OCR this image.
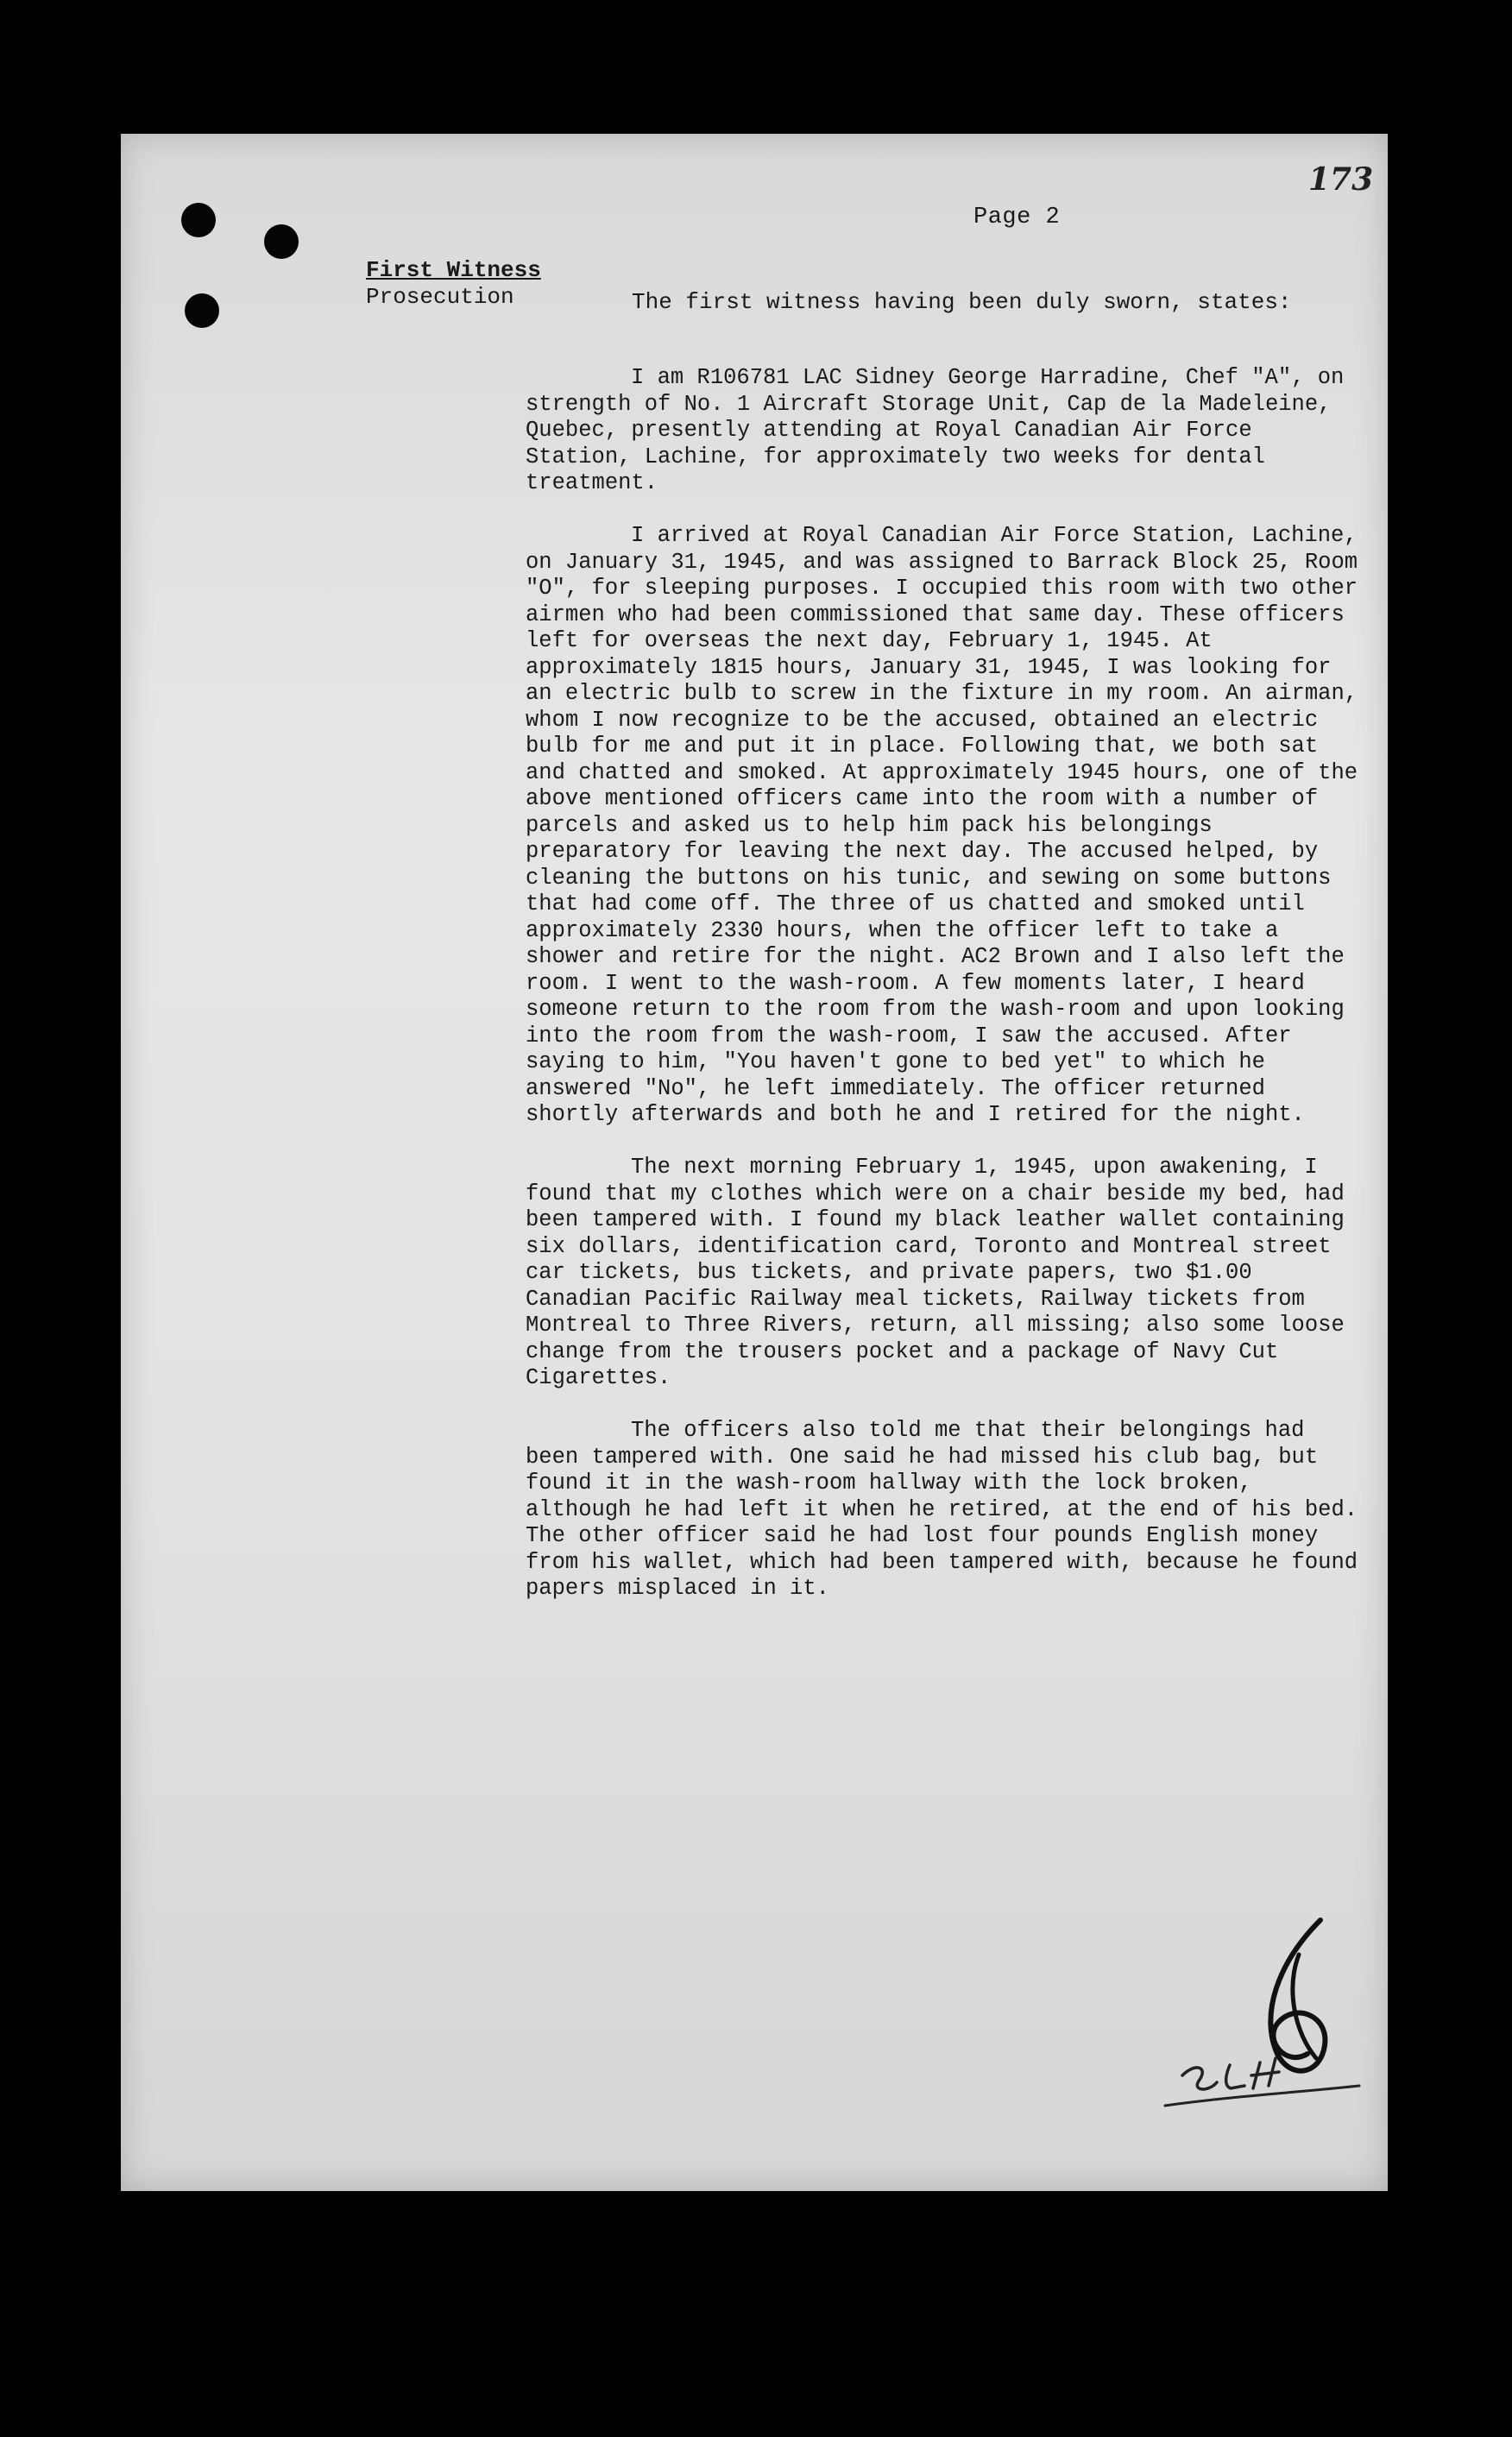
173
Page 2
First Witness
Prosecution	The first witness having been duly sworn, states:

I am R106781 LAC Sidney George Harradine, Chef "A", on strength of No. 1 Aircraft Storage Unit, Cap de la Madeleine, Quebec, presently attending at Royal Canadian Air Force Station, Lachine, for approximately two weeks for dental treatment.

I arrived at Royal Canadian Air Force Station, Lachine, on January 31, 1945, and was assigned to Barrack Block 25, Room "O", for sleeping purposes. I occupied this room with two other airmen who had been commissioned that same day. These officers left for overseas the next day, February 1, 1945. At approximately 1815 hours, January 31, 1945, I was looking for an electric bulb to screw in the fixture in my room. An airman, whom I now recognize to be the accused, obtained an electric bulb for me and put it in place. Following that, we both sat and chatted and smoked. At approximately 1945 hours, one of the above mentioned officers came into the room with a number of parcels and asked us to help him pack his belongings preparatory for leaving the next day. The accused helped, by cleaning the buttons on his tunic, and sewing on some buttons that had come off. The three of us chatted and smoked until approximately 2330 hours, when the officer left to take a shower and retire for the night. AC2 Brown and I also left the room. I went to the wash-room. A few moments later, I heard someone return to the room from the wash-room and upon looking into the room from the wash-room, I saw the accused. After saying to him, "You haven't gone to bed yet" to which he answered "No", he left immediately. The officer returned shortly afterwards and both he and I retired for the night.

The next morning February 1, 1945, upon awakening, I found that my clothes which were on a chair beside my bed, had been tampered with. I found my black leather wallet containing six dollars, identification card, Toronto and Montreal street car tickets, bus tickets, and private papers, two $1.00 Canadian Pacific Railway meal tickets, Railway tickets from Montreal to Three Rivers, return, all missing; also some loose change from the trousers pocket and a package of Navy Cut Cigarettes.

The officers also told me that their belongings had been tampered with. One said he had missed his club bag, but found it in the wash-room hallway with the lock broken, although he had left it when he retired, at the end of his bed. The other officer said he had lost four pounds English money from his wallet, which had been tampered with, because he found papers misplaced in it.
